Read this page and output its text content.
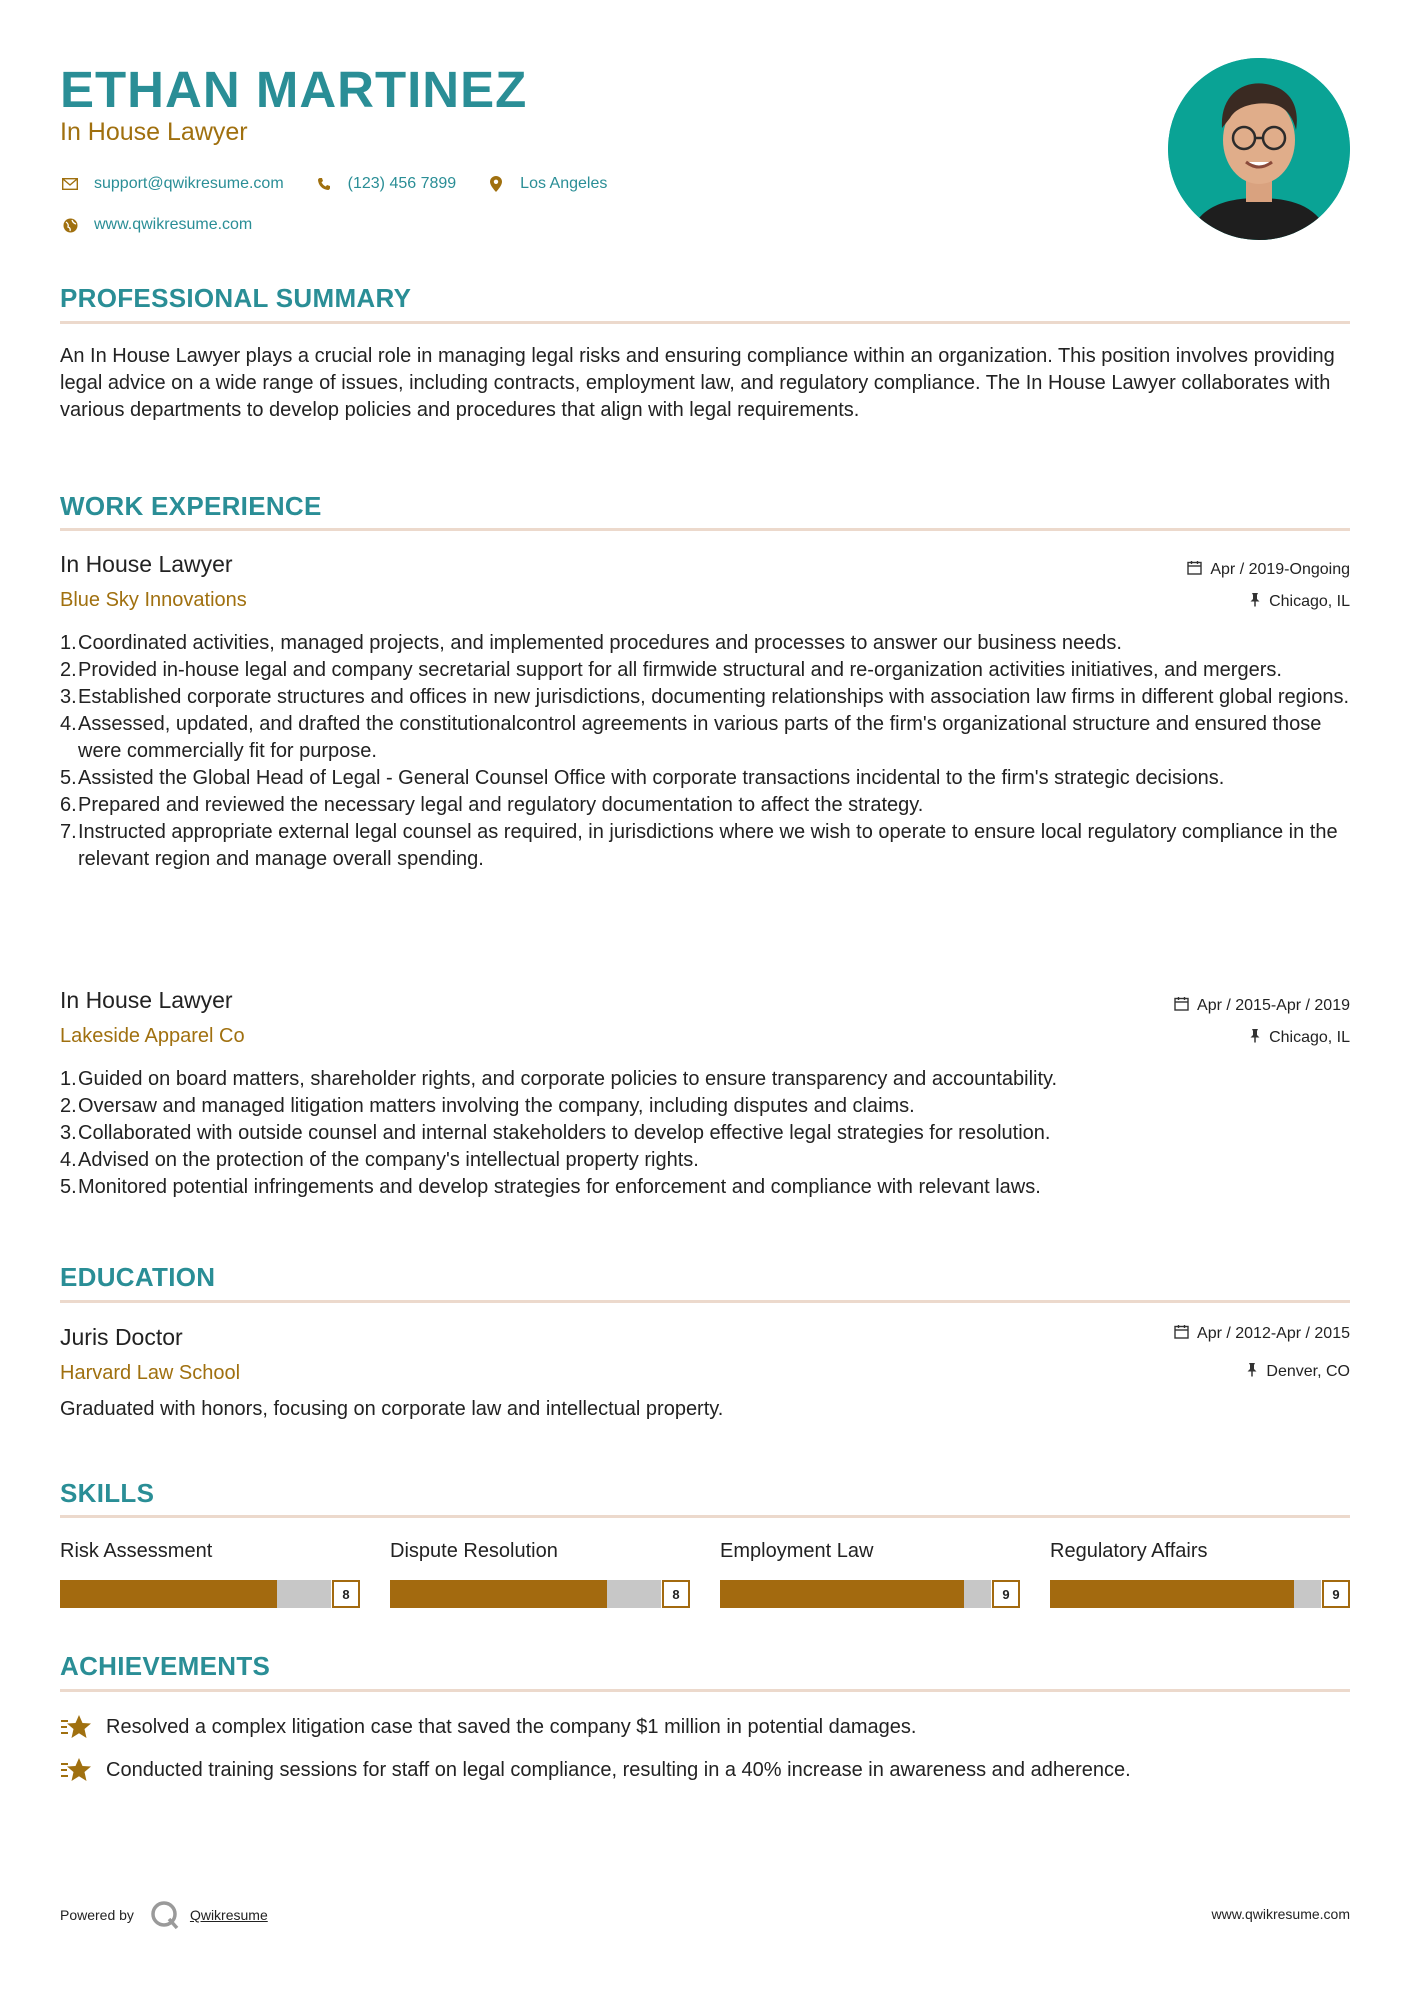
ETHAN MARTINEZ
In House Lawyer
support@qwikresume.com	(123) 456 7899	Los Angeles
www.qwikresume.com
PROFESSIONAL SUMMARY

An In House Lawyer plays a crucial role in managing legal risks and ensuring compliance within an organization. This position involves providing legal advice on a wide range of issues, including contracts, employment law, and regulatory compliance. The In House Lawyer collaborates with various departments to develop policies and procedures that align with legal requirements.

WORK EXPERIENCE
In House Lawyer
Blue Sky Innovations
Apr / 2019-Ongoing
Chicago, IL
1. Coordinated activities, managed projects, and implemented procedures and processes to answer our business needs.
2. Provided in-house legal and company secretarial support for all firmwide structural and re-organization activities initiatives, and mergers.
3. Established corporate structures and offices in new jurisdictions, documenting relationships with association law firms in different global regions.
4. Assessed, updated, and drafted the constitutionalcontrol agreements in various parts of the firm's organizational structure and ensured those were commercially fit for purpose.
5. Assisted the Global Head of Legal - General Counsel Office with corporate transactions incidental to the firm's strategic decisions.
6. Prepared and reviewed the necessary legal and regulatory documentation to affect the strategy.
7. Instructed appropriate external legal counsel as required, in jurisdictions where we wish to operate to ensure local regulatory compliance in the relevant region and manage overall spending.
In House Lawyer
Lakeside Apparel Co
Apr / 2015-Apr / 2019
Chicago, IL
1. Guided on board matters, shareholder rights, and corporate policies to ensure transparency and accountability.
2. Oversaw and managed litigation matters involving the company, including disputes and claims.
3. Collaborated with outside counsel and internal stakeholders to develop effective legal strategies for resolution.
4. Advised on the protection of the company's intellectual property rights.
5. Monitored potential infringements and develop strategies for enforcement and compliance with relevant laws.
EDUCATION
Juris Doctor
Harvard Law School
Apr / 2012-Apr / 2015
Denver, CO
Graduated with honors, focusing on corporate law and intellectual property.
SKILLS
Risk Assessment
8
Dispute Resolution
8
Employment Law
9
Regulatory Affairs
9
ACHIEVEMENTS
Resolved a complex litigation case that saved the company $1 million in potential damages.
Conducted training sessions for staff on legal compliance, resulting in a 40% increase in awareness and adherence.
Powered by	Qwikresume	www.qwikresume.com
